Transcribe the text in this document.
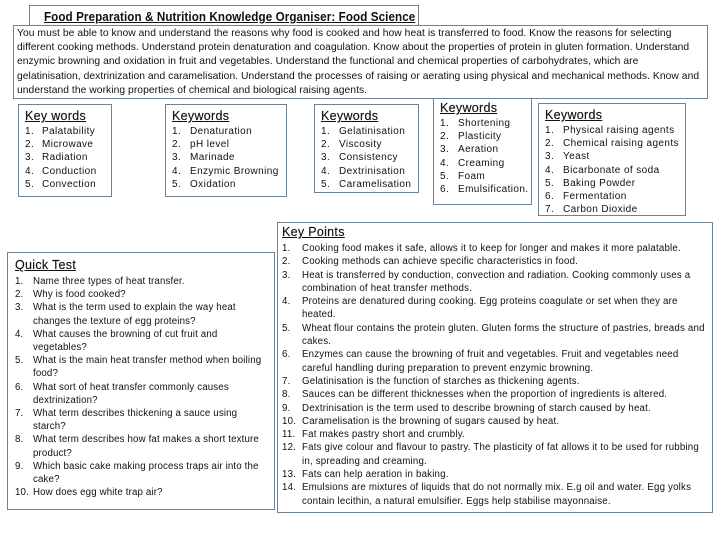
Food Preparation & Nutrition Knowledge Organiser: Food Science

You must be able to know and understand the reasons why food is cooked and how heat is transferred to food. Know the reasons for selecting different cooking methods. Understand protein denaturation and coagulation. Know about the properties of protein in gluten formation. Understand enzymic browning and oxidation in fruit and vegetables. Understand the functional and chemical properties of carbohydrates, which are gelatinisation, dextrinization and caramelisation. Understand the processes of raising or aerating using physical and mechanical methods. Know and understand the working properties of chemical and biological raising agents.

Key words
1. Palatability
2. Microwave
3. Radiation
4. Conduction
5. Convection
Keywords
1. Denaturation
2. pH level
3. Marinade
4. Enzymic Browning
5. Oxidation
Keywords
1. Gelatinisation
2. Viscosity
3. Consistency
4. Dextrinisation
5. Caramelisation
Keywords
1. Shortening
2. Plasticity
3. Aeration
4. Creaming
5. Foam
6. Emulsification.
Keywords
1. Physical raising agents
2. Chemical raising agents
3. Yeast
4. Bicarbonate of soda
5. Baking Powder
6. Fermentation
7. Carbon Dioxide
Quick Test
1. Name three types of heat transfer.
2. Why is food cooked?
3. What is the term used to explain the way heat changes the texture of egg proteins?
4. What causes the browning of cut fruit and vegetables?
5. What is the main heat transfer method when boiling food?
6. What sort of heat transfer commonly causes dextrinization?
7. What term describes thickening a sauce using starch?
8. What term describes how fat makes a short texture product?
9. Which basic cake making process traps air into the cake?
10. How does egg white trap air?
Key Points
1.	Cooking food makes it safe, allows it to keep for longer and makes it more palatable.
2.	Cooking methods can achieve specific characteristics in food.
3.	Heat is transferred by conduction, convection and radiation. Cooking commonly uses a combination of heat transfer methods.
4.	Proteins are denatured during cooking. Egg proteins coagulate or set when they are heated.
5.	Wheat flour contains the protein gluten. Gluten forms the structure of pastries, breads and cakes.
6.	Enzymes can cause the browning of fruit and vegetables. Fruit and vegetables need careful handling during preparation to prevent enzymic browning.
7.	Gelatinisation is the function of starches as thickening agents.
8.	Sauces can be different thicknesses when the proportion of ingredients is altered.
9.	Dextrinisation is the term used to describe browning of starch caused by heat.
10. Caramelisation is the browning of sugars caused by heat.
11. Fat makes pastry short and crumbly.
12. Fats give colour and flavour to pastry. The plasticity of fat allows it to be used for rubbing in, spreading and creaming.
13. Fats can help aeration in baking.
14. Emulsions are mixtures of liquids that do not normally mix. E.g oil and water. Egg yolks contain lecithin, a natural emulsifier. Eggs help stabilise mayonnaise.
